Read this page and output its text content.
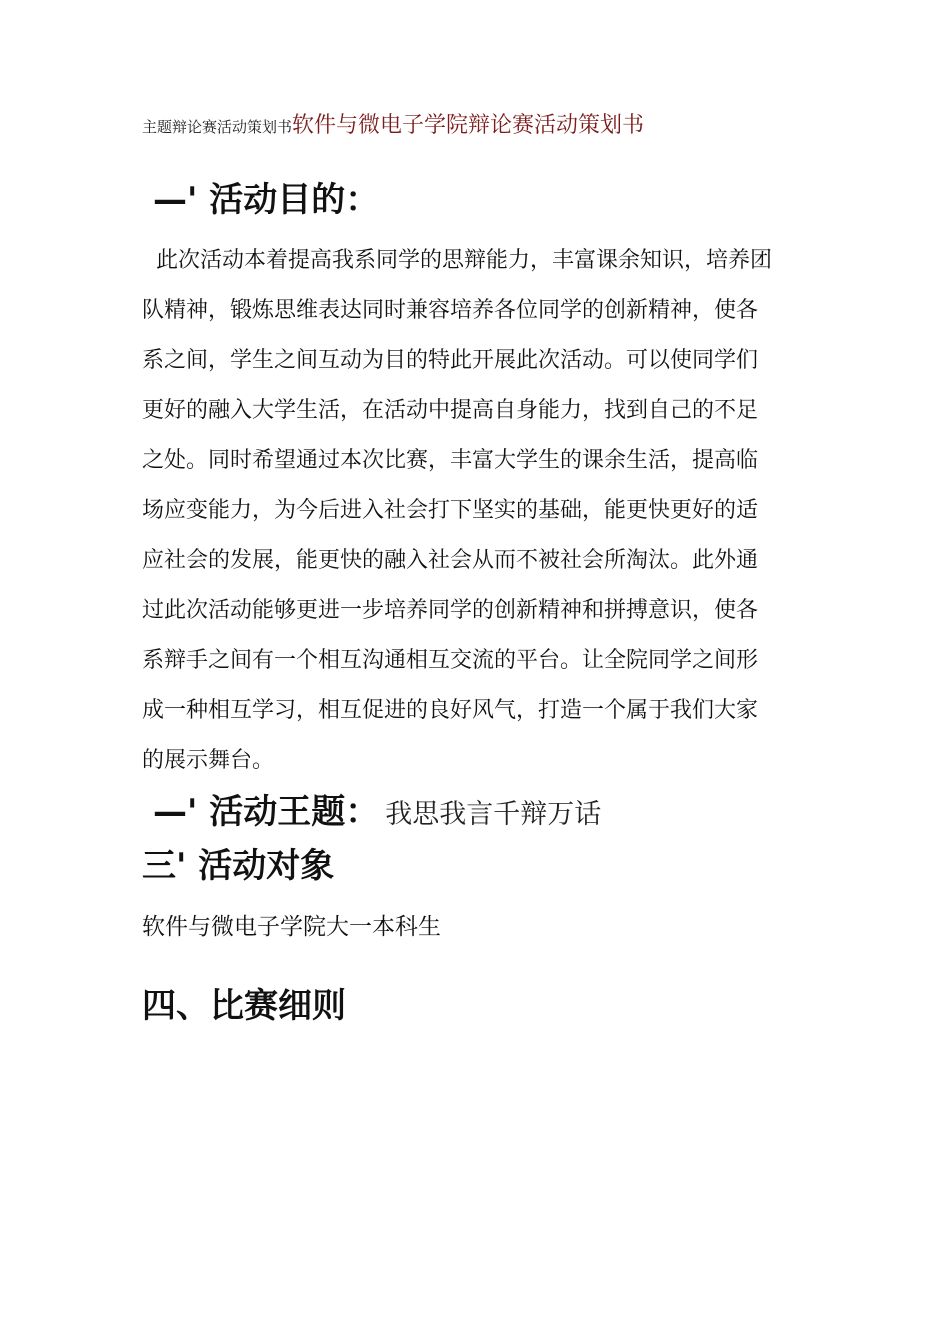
主题辩论赛活动策划书软件与微电子学院辩论赛活动策划书
—' 活动目的：
此次活动本着提高我系同学的思辩能力，丰富课余知识，培养团
队精神，锻炼思维表达同时兼容培养各位同学的创新精神，使各
系之间，学生之间互动为目的特此开展此次活动。可以使同学们
更好的融入大学生活，在活动中提高自身能力，找到自己的不足
之处。同时希望通过本次比赛，丰富大学生的课余生活，提高临
场应变能力，为今后进入社会打下坚实的基础，能更快更好的适
应社会的发展，能更快的融入社会从而不被社会所淘汰。此外通
过此次活动能够更进一步培养同学的创新精神和拼搏意识，使各
系辩手之间有一个相互沟通相互交流的平台。让全院同学之间形
成一种相互学习，相互促进的良好风气，打造一个属于我们大家
的展示舞台。
—' 活动王题： 我思我言千辩万话
三' 活动对象
软件与微电子学院大一本科生
四、比赛细则
